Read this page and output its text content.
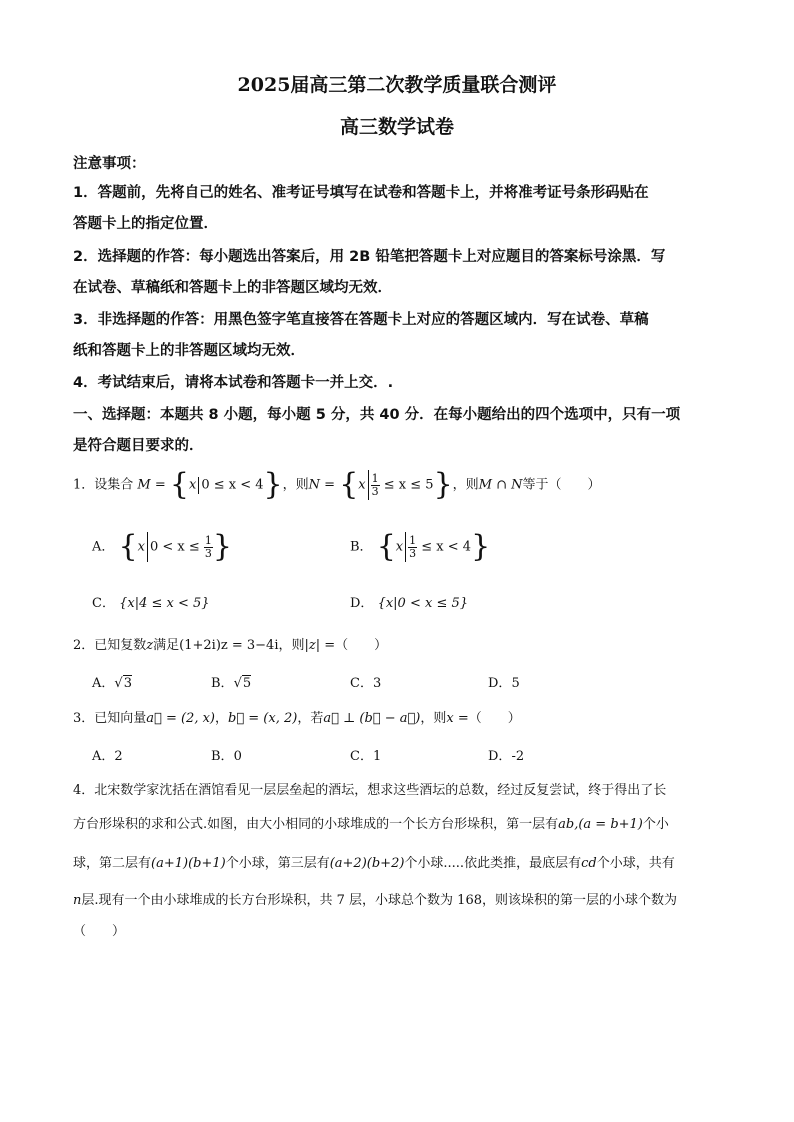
2025届高三第二次教学质量联合测评
高三数学试卷
注意事项：
1．答题前，先将自己的姓名、准考证号填写在试卷和答题卡上，并将准考证号条形码贴在
答题卡上的指定位置．
2．选择题的作答：每小题选出答案后，用 2B 铅笔把答题卡上对应题目的答案标号涂黑．写
在试卷、草稿纸和答题卡上的非答题区域均无效．
3．非选择题的作答：用黑色签字笔直接答在答题卡上对应的答题区域内．写在试卷、草稿
纸和答题卡上的非答题区域均无效．
4．考试结束后，请将本试卷和答题卡一并上交．.
一、选择题：本题共 8 小题，每小题 5 分，共 40 分．在每小题给出的四个选项中，只有一项
是符合题目要求的．
1．设集合 M = {x 0 ≤ x < 4}，则$N = \{x \frac{1}{3} \le x \le 5\}$，则M ∩ N等于（　　）
A． {x $0 < x \le \frac{1}{3}$ }	B． $\{x \frac{1}{3} \le x < 4\}$
C． {x|4 ≤ x < 5}	D． {x|0 < x ≤ 5}
2．已知复数z满足(1+2i)z = 3−4i，则|z| =（　　）
A．√3	B．√5	C．3	D．5
3．已知向量a⃗ = (2, x)，b⃗ = (x, 2)，若a⃗ ⊥ (b⃗ − a⃗)，则x =（　　）
A．2	B．0	C．1	D．-2
4．北宋数学家沈括在酒馆看见一层层垒起的酒坛，想求这些酒坛的总数，经过反复尝试，终于得出了长
方台形垛积的求和公式.如图，由大小相同的小球堆成的一个长方台形垛积，第一层有ab,(a = b+1)个小
球，第二层有(a+1)(b+1)个小球，第三层有(a+2)(b+2)个小球.....依此类推，最底层有cd个小球，共有
n层.现有一个由小球堆成的长方台形垛积，共 7 层，小球总个数为 168，则该垛积的第一层的小球个数为
（　　）
